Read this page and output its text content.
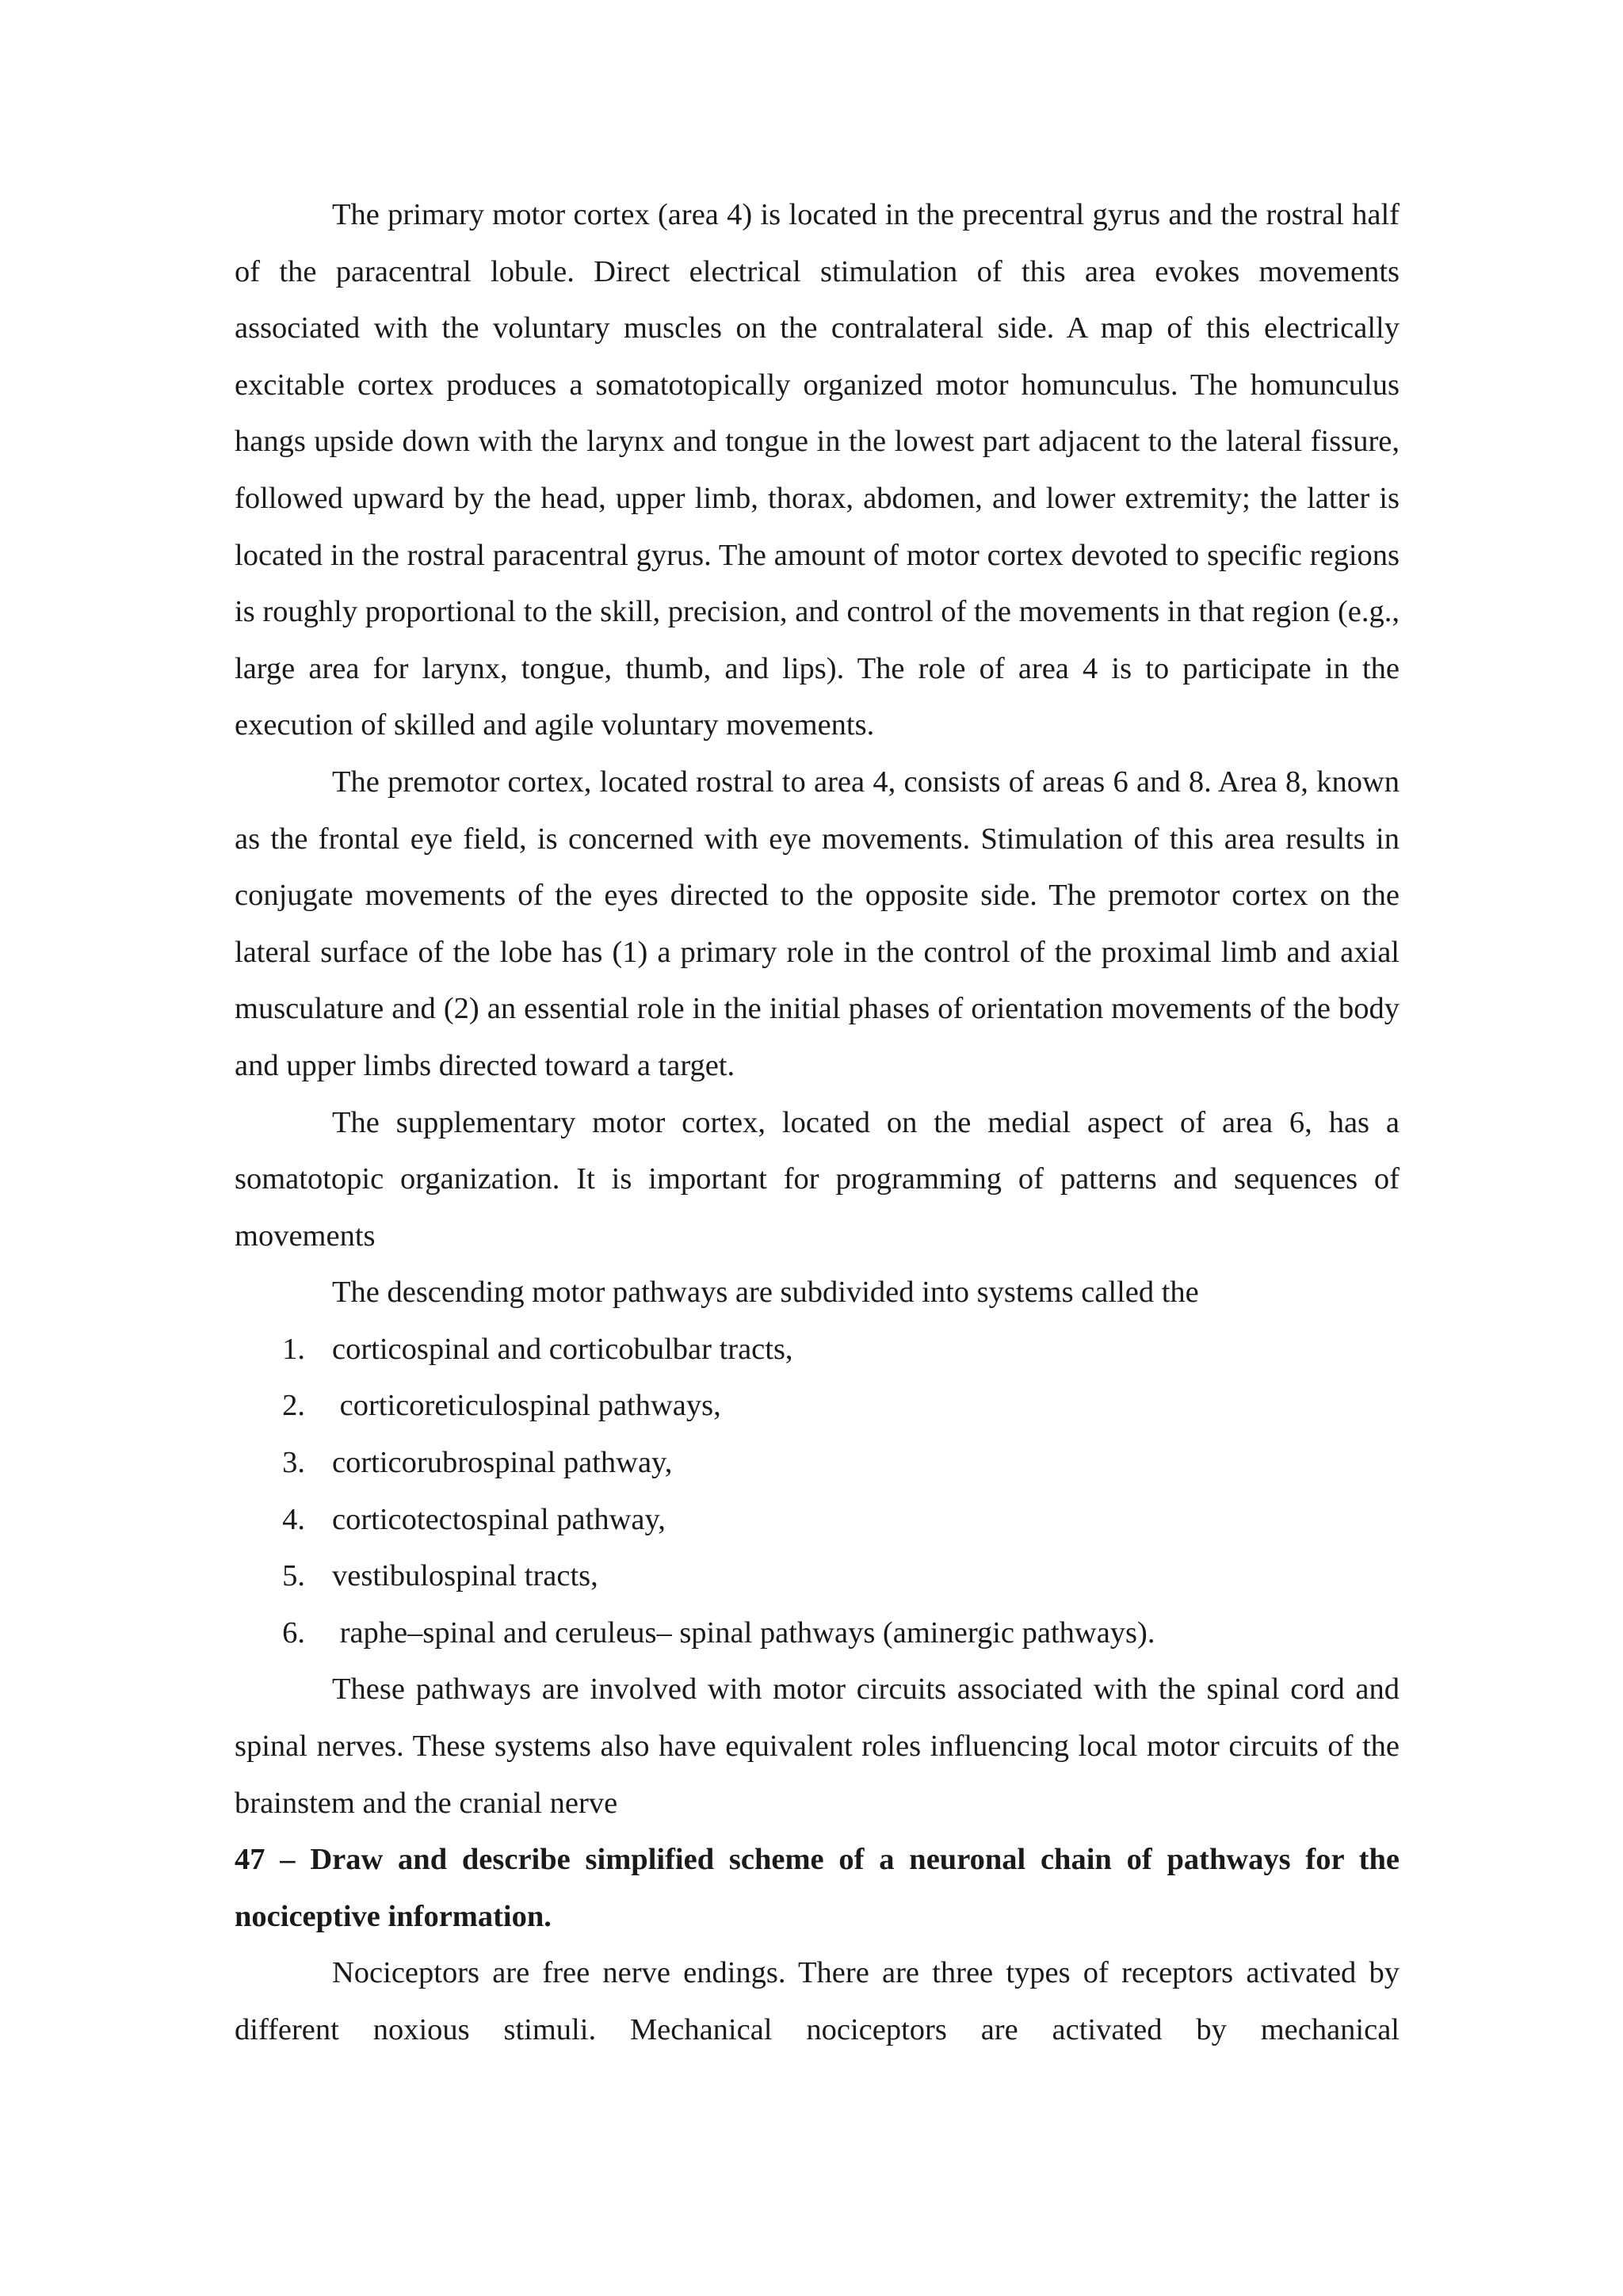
The primary motor cortex (area 4) is located in the precentral gyrus and the rostral half of the paracentral lobule. Direct electrical stimulation of this area evokes movements associated with the voluntary muscles on the contralateral side. A map of this electrically excitable cortex produces a somatotopically organized motor homunculus. The homunculus hangs upside down with the larynx and tongue in the lowest part adjacent to the lateral fissure, followed upward by the head, upper limb, thorax, abdomen, and lower extremity; the latter is located in the rostral paracentral gyrus. The amount of motor cortex devoted to specific regions is roughly proportional to the skill, precision, and control of the movements in that region (e.g., large area for larynx, tongue, thumb, and lips). The role of area 4 is to participate in the execution of skilled and agile voluntary movements.

The premotor cortex, located rostral to area 4, consists of areas 6 and 8. Area 8, known as the frontal eye field, is concerned with eye movements. Stimulation of this area results in conjugate movements of the eyes directed to the opposite side. The premotor cortex on the lateral surface of the lobe has (1) a primary role in the control of the proximal limb and axial musculature and (2) an essential role in the initial phases of orientation movements of the body and upper limbs directed toward a target.

The supplementary motor cortex, located on the medial aspect of area 6, has a somatotopic organization. It is important for programming of patterns and sequences of movements

The descending motor pathways are subdivided into systems called the

1. corticospinal and corticobulbar tracts,
2. corticoreticulospinal pathways,
3. corticorubrospinal pathway,
4. corticotectospinal pathway,
5. vestibulospinal tracts,
6. raphe–spinal and ceruleus– spinal pathways (aminergic pathways).

These pathways are involved with motor circuits associated with the spinal cord and spinal nerves. These systems also have equivalent roles influencing local motor circuits of the brainstem and the cranial nerve

47 – Draw and describe simplified scheme of a neuronal chain of pathways for the nociceptive information.

Nociceptors are free nerve endings. There are three types of receptors activated by different noxious stimuli. Mechanical nociceptors are activated by mechanical
